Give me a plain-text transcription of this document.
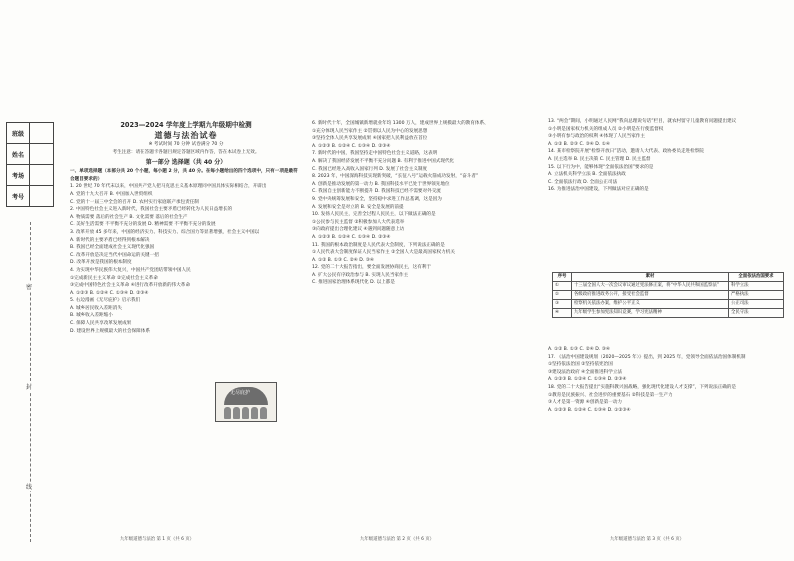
班级
姓名
考场
考号
密
封
线
2023—2024 学年度上学期九年级期中检测
道德与法治试卷
※ 考试时间 70 分钟 试卷满分 70 分
考生注意：请在答题卡各题目规定答题区域内作答，答在本试卷上无效。
第一部分 选择题（共 40 分）

一、单项选择题（本部分共 20 个小题，每小题 2 分，共 40 分。在每小题给出的四个选项中，只有一项是最符合题目要求的）

1. 20 世纪 70 年代末以来，中国共产党人把马克思主义基本原理同中国具体实际相结合，开辟出

A. 党的十九大召开 B. 中国加入世贸组织

C. 党的十一届三中全会的召开 D. 农村实行家庭联产承包责任制

2. 中国特色社会主义进入新时代，我国社会主要矛盾已经转化为人民日益增长的

A. 物质需要 落后的社会生产 B. 文化需要 落后的社会生产

C. 美好生活需要 不平衡不充分的发展 D. 精神需要 不平衡不充分的发展

3. 改革开放 45 多年来，中国的经济实力、科技实力、综合国力等显著增强，社会主义中国以

A. 新时代的主要矛盾已经得到根本解决

B. 我国已经全面建成社会主义现代化强国

C. 改革开放是决定当代中国命运的关键一招

D. 改革开放是我国的根本制度

4. 为实现中华民族伟大复兴，中国共产党团结带领中国人民

①完成新民主主义革命 ②完成社会主义革命

③完成中国特色社会主义革命 ④进行改革开放新的伟大革命

A. ①②③ B. ①②④ C. ①③④ D. ②③④

5. 右边漫画《无尽庇护》启示我们

A. 城乡居民收入差距消失

B. 城乡收入差距缩小

C. 保障人民共享改革发展成果

D. 建设世界上规模最大的社会保障体系

无尽庇护
九年级道德与法治 第 1 页（共 6 页）

6. 新时代十年，全国城镇新增就业年均 1300 万人，建成世界上规模最大的教育体系、

①充分体现人民当家作主 ②贯彻以人民为中心的发展思想

③坚持全体人民共享发展成果 ④国家把人民利益放在首位

A. ①②③ B. ①②④ C. ①③④ D. ②③④

7. 新时代的中国，我国坚持走中国特色社会主义道路，这表明

A. 解决了我国经济发展不平衡不充分问题 B. 有利于推进中国式现代化

C. 我国已经进入高收入国家行列 D. 发展了社会主义制度

8. 2023 年，中国深海科技实现新突破，“长征八号”运载火箭成功发射，“奋斗者”

A. 创新是推动发展的第一动力 B. 我国科技水平已处于世界领先地位

C. 我国自主创新能力不断提升 D. 我国科技已经不需要对外交流

9. 党中央统筹发展和安全，坚持稳中求进工作总基调，这是因为

A. 发展和安全是对立的 B. 安全是发展的前提

10. 发扬人民民主，完善全过程人民民主，以下做法正确的是

①公民参与民主监督 ②积极参加人大代表选举

③向政府提出合理化建议 ④遇到问题随意上访

A. ①②③ B. ①②④ C. ①③④ D. ②③④

11. 我国的根本政治制度是人民代表大会制度，下列说法正确的是

①人民代表大会制度保证人民当家作主 ②全国人大是最高国家权力机关

A. ①② B. ①③ C. ②④ D. ③④

12. 党的二十大报告指出，要全面发展协商民主，这有利于

A. 扩大公民有序政治参与 B. 实现人民当家作主

C. 推进国家治理体系现代化 D. 以上都是

九年级道德与法治 第 2 页（共 6 页）

13. “两会”期间，小明通过人民网“我向总理说句话”栏目，就农村留守儿童教育问题提出建议

①小明是国家权力机关的组成人员 ②小明是在行使监督权

③小明有参与政治的权利 ④体现了人民当家作主

A. ①② B. ②③ C. ③④ D. ①④

14. 某市检察院开展“检察开放日”活动，邀请人大代表、政协委员走进检察院

A. 民主选举 B. 民主决策 C. 民主管理 D. 民主监督

15. 以下行为中，能够体现“全面依法治国”要求的是

A. 立法机关科学立法 B. 全面依法执政

C. 全面依法行政 D. 全面公正司法

16. 为推进法治中国建设，下列做法对应正确的是

序号	素材	全面依法治国要求
①	十三届全国人大一次会议审议通过宪法修正案，将“中华人民共和国监察法”	科学立法
②	各级政府推进政务公开，接受社会监督	严格执法
③	检察机关依法办案，维护公平正义	公正司法
④	九年级学生参加宪法知识竞赛，学习宪法精神	全民守法

A. ①② B. ①③ C. ②④ D. ③④

17. 《法治中国建设规划（2020—2025 年）》提出，到 2025 年，党领导全面依法治国体制机制

①坚持依法治国 ②坚持依宪治国

③建设法治政府 ④全面推进科学立法

A. ①②③ B. ①②④ C. ①③④ D. ②③④

18. 党的二十大报告提出“实施科教兴国战略，强化现代化建设人才支撑”，下列说法正确的是

①教育是民族振兴、社会进步的重要基石 ②科技是第一生产力

③人才是第一资源 ④创新是第一动力

A. ①②③ B. ①②④ C. ①③④ D. ①②③④

九年级道德与法治 第 3 页（共 6 页）
